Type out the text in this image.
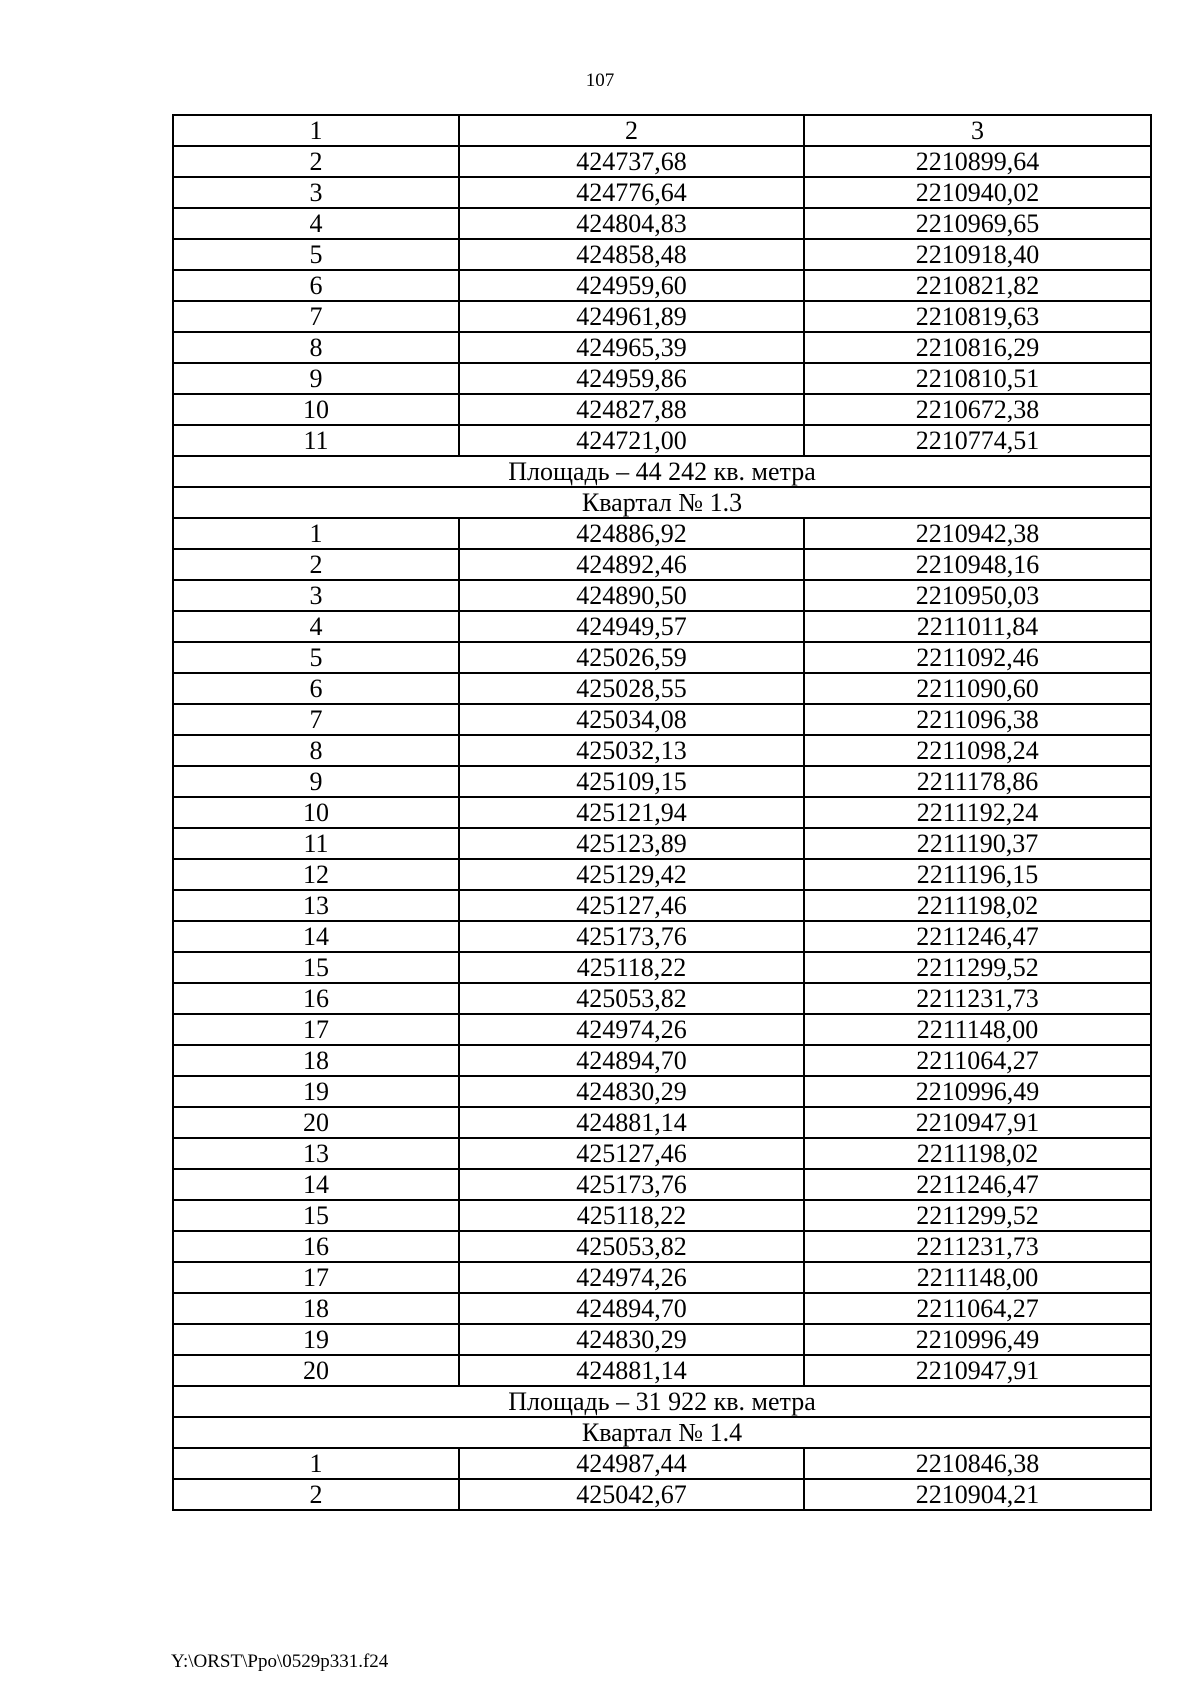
107
1	2	3
2	424737,68	2210899,64
3	424776,64	2210940,02
4	424804,83	2210969,65
5	424858,48	2210918,40
6	424959,60	2210821,82
7	424961,89	2210819,63
8	424965,39	2210816,29
9	424959,86	2210810,51
10	424827,88	2210672,38
11	424721,00	2210774,51
Площадь – 44 242 кв. метра		
Квартал № 1.3		
1	424886,92	2210942,38
2	424892,46	2210948,16
3	424890,50	2210950,03
4	424949,57	2211011,84
5	425026,59	2211092,46
6	425028,55	2211090,60
7	425034,08	2211096,38
8	425032,13	2211098,24
9	425109,15	2211178,86
10	425121,94	2211192,24
11	425123,89	2211190,37
12	425129,42	2211196,15
13	425127,46	2211198,02
14	425173,76	2211246,47
15	425118,22	2211299,52
16	425053,82	2211231,73
17	424974,26	2211148,00
18	424894,70	2211064,27
19	424830,29	2210996,49
20	424881,14	2210947,91
13	425127,46	2211198,02
14	425173,76	2211246,47
15	425118,22	2211299,52
16	425053,82	2211231,73
17	424974,26	2211148,00
18	424894,70	2211064,27
19	424830,29	2210996,49
20	424881,14	2210947,91
Площадь – 31 922 кв. метра		
Квартал № 1.4		
1	424987,44	2210846,38
2	425042,67	2210904,21
Y:\ORST\Ppo\0529p331.f24
